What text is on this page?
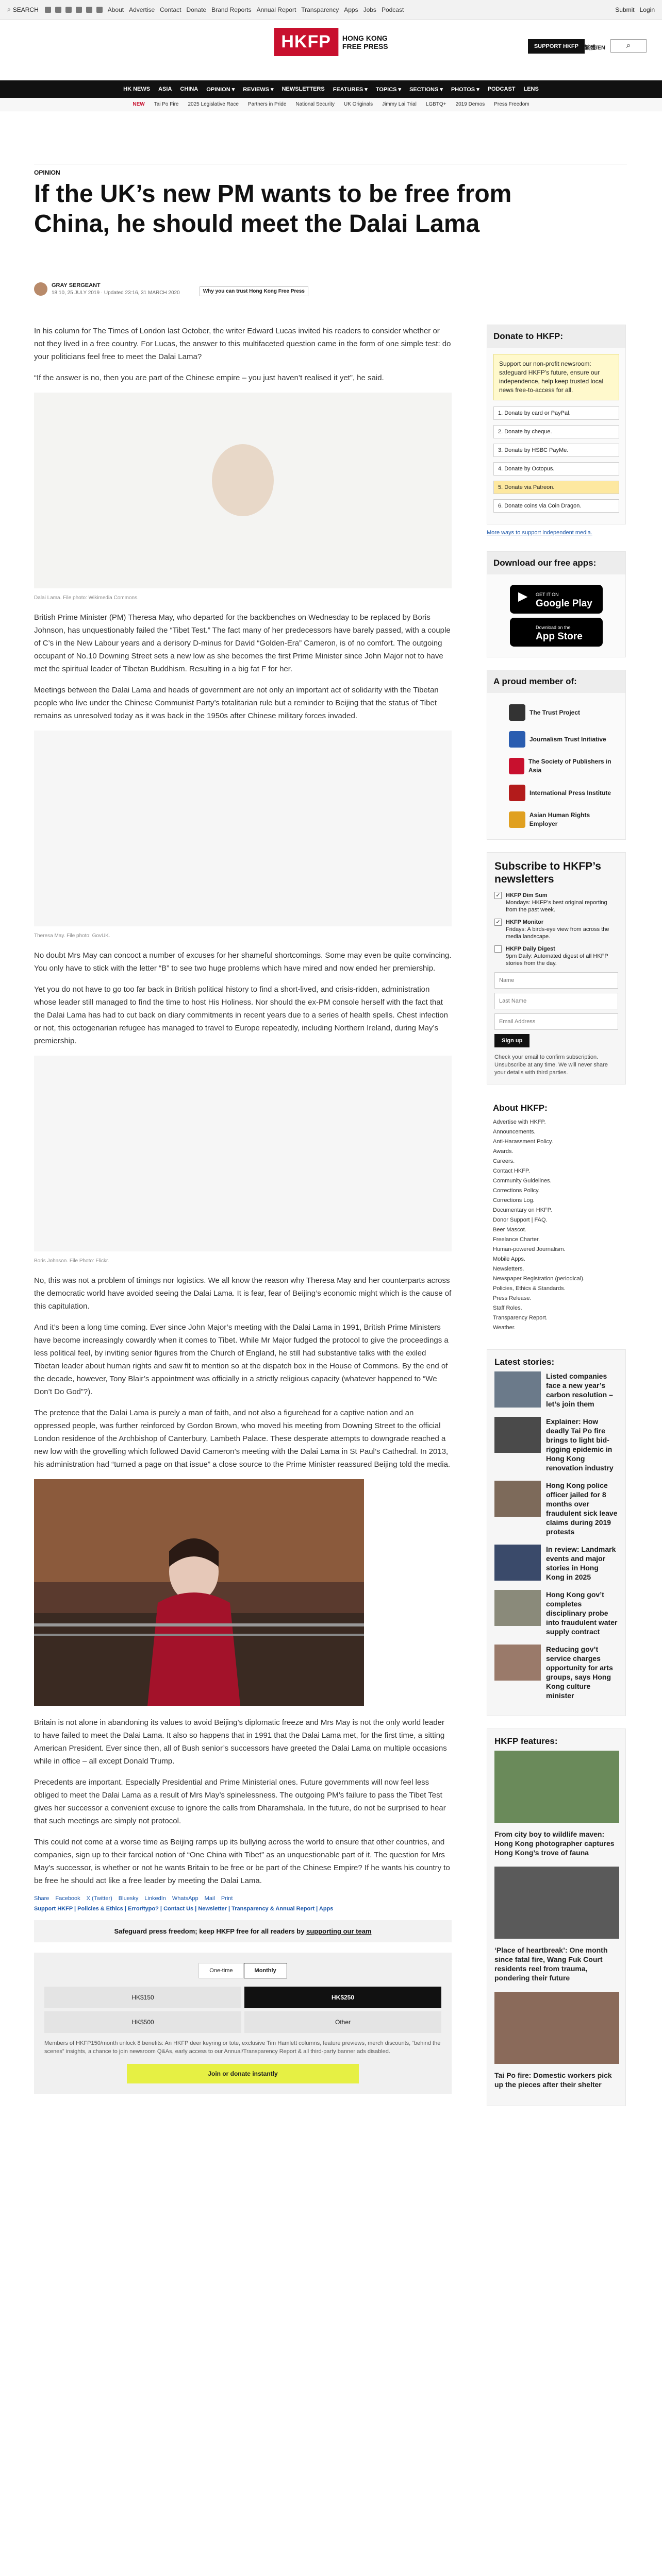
⌕ SEARCH	About Advertise Contact Donate Brand Reports Annual Report Transparency Apps Jobs Podcast	Submit Login
HKFP	HONG KONG
FREE PRESS	SUPPORT HKFP	繁體/EN	⌕
HK NEWS ASIA CHINA OPINION ▾ REVIEWS ▾ NEWSLETTERS FEATURES ▾ TOPICS ▾ SECTIONS ▾ PHOTOS ▾ PODCAST LENS
NEW Tai Po Fire 2025 Legislative Race Partners in Pride National Security UK Originals Jimmy Lai Trial LGBTQ+ 2019 Demos Press Freedom
OPINION
If the UK’s new PM wants to be free from China, he should meet the Dalai Lama
GRAY SERGEANT
18:10, 25 JULY 2019 · Updated 23:16, 31 MARCH 2020	Why you can trust Hong Kong Free Press

In his column for The Times of London last October, the writer Edward Lucas invited his readers to consider whether or not they lived in a free country. For Lucas, the answer to this multifaceted question came in the form of one simple test: do your politicians feel free to meet the Dalai Lama?

“If the answer is no, then you are part of the Chinese empire – you just haven’t realised it yet”, he said.

Dalai Lama. File photo: Wikimedia Commons.

British Prime Minister (PM) Theresa May, who departed for the backbenches on Wednesday to be replaced by Boris Johnson, has unquestionably failed the “Tibet Test.” The fact many of her predecessors have barely passed, with a couple of C’s in the New Labour years and a derisory D-minus for David “Golden-Era” Cameron, is of no comfort. The outgoing occupant of No.10 Downing Street sets a new low as she becomes the first Prime Minister since John Major not to have met the spiritual leader of Tibetan Buddhism. Resulting in a big fat F for her.

Meetings between the Dalai Lama and heads of government are not only an important act of solidarity with the Tibetan people who live under the Chinese Communist Party’s totalitarian rule but a reminder to Beijing that the status of Tibet remains as unresolved today as it was back in the 1950s after Chinese military forces invaded.

Theresa May. File photo: GovUK.

No doubt Mrs May can concoct a number of excuses for her shameful shortcomings. Some may even be quite convincing. You only have to stick with the letter “B” to see two huge problems which have mired and now ended her premiership.

Yet you do not have to go too far back in British political history to find a short-lived, and crisis-ridden, administration whose leader still managed to find the time to host His Holiness. Nor should the ex-PM console herself with the fact that the Dalai Lama has had to cut back on diary commitments in recent years due to a series of health spells. Chest infection or not, this octogenarian refugee has managed to travel to Europe repeatedly, including Northern Ireland, during May’s premiership.

Boris Johnson. File Photo: Flickr.

No, this was not a problem of timings nor logistics. We all know the reason why Theresa May and her counterparts across the democratic world have avoided seeing the Dalai Lama. It is fear, fear of Beijing’s economic might which is the cause of this capitulation.

And it’s been a long time coming. Ever since John Major’s meeting with the Dalai Lama in 1991, British Prime Ministers have become increasingly cowardly when it comes to Tibet. While Mr Major fudged the protocol to give the proceedings a less political feel, by inviting senior figures from the Church of England, he still had substantive talks with the exiled Tibetan leader about human rights and saw fit to mention so at the dispatch box in the House of Commons. By the end of the decade, however, Tony Blair’s appointment was officially in a strictly religious capacity (whatever happened to “We Don’t Do God”?).

The pretence that the Dalai Lama is purely a man of faith, and not also a figurehead for a captive nation and an oppressed people, was further reinforced by Gordon Brown, who moved his meeting from Downing Street to the official London residence of the Archbishop of Canterbury, Lambeth Palace. These desperate attempts to downgrade reached a new low with the grovelling which followed David Cameron’s meeting with the Dalai Lama in St Paul’s Cathedral. In 2013, his administration had “turned a page on that issue” a close source to the Prime Minister reassured Beijing told the media.

Britain is not alone in abandoning its values to avoid Beijing’s diplomatic freeze and Mrs May is not the only world leader to have failed to meet the Dalai Lama. It also so happens that in 1991 that the Dalai Lama met, for the first time, a sitting American President. Ever since then, all of Bush senior’s successors have greeted the Dalai Lama on multiple occasions while in office – all except Donald Trump.

Precedents are important. Especially Presidential and Prime Ministerial ones. Future governments will now feel less obliged to meet the Dalai Lama as a result of Mrs May’s spinelessness. The outgoing PM’s failure to pass the Tibet Test gives her successor a convenient excuse to ignore the calls from Dharamshala. In the future, do not be surprised to hear that such meetings are simply not protocol.

This could not come at a worse time as Beijing ramps up its bullying across the world to ensure that other countries, and companies, sign up to their farcical notion of “One China with Tibet” as an unquestionable part of it. The question for Mrs May’s successor, is whether or not he wants Britain to be free or be part of the Chinese Empire? If he wants his country to be free he should act like a free leader by meeting the Dalai Lama.

Share Facebook X (Twitter) Bluesky LinkedIn WhatsApp Mail Print
Support HKFP | Policies & Ethics | Error/typo? | Contact Us | Newsletter | Transparency & Annual Report | Apps
Safeguard press freedom; keep HKFP free for all readers by supporting our team
One-time	Monthly
HK$150	HK$250
HK$500	Other
Members of HKFP150/month unlock 8 benefits: An HKFP deer keyring or tote, exclusive Tim Hamlett columns, feature previews, merch discounts, “behind the scenes” insights, a chance to join newsroom Q&As, early access to our Annual/Transparency Report & all third-party banner ads disabled.
Join or donate instantly
Donate to HKFP:
Support our non-profit newsroom: safeguard HKFP’s future, ensure our independence, help keep trusted local news free-to-access for all.
1. Donate by card or PayPal.
2. Donate by cheque.
3. Donate by HSBC PayMe.
4. Donate by Octopus.
5. Donate via Patreon.
6. Donate coins via Coin Dragon.
More ways to support independent media.
Download our free apps:
▶ GET IT ON
Google Play
Download on the
App Store
A proud member of:
The Trust Project
Journalism Trust Initiative
The Society of Publishers in Asia
International Press Institute
Asian Human Rights Employer
Subscribe to HKFP’s newsletters
✓ HKFP Dim Sum
Mondays: HKFP’s best original reporting from the past week.
✓ HKFP Monitor
Fridays: A birds-eye view from across the media landscape.
HKFP Daily Digest
9pm Daily: Automated digest of all HKFP stories from the day.
Name Last Name Email Address Sign up
Check your email to confirm subscription. Unsubscribe at any time. We will never share your details with third parties.
About HKFP:
Advertise with HKFP.
Announcements.
Anti-Harassment Policy.
Awards.
Careers.
Contact HKFP.
Community Guidelines.
Corrections Policy.
Corrections Log.
Documentary on HKFP.
Donor Support | FAQ.
Beer Mascot.
Freelance Charter.
Human-powered Journalism.
Mobile Apps.
Newsletters.
Newspaper Registration (periodical).
Policies, Ethics & Standards.
Press Release.
Staff Roles.
Transparency Report.
Weather.
Latest stories:
Listed companies face a new year’s carbon resolution – let’s join them
Explainer: How deadly Tai Po fire brings to light bid-rigging epidemic in Hong Kong renovation industry
Hong Kong police officer jailed for 8 months over fraudulent sick leave claims during 2019 protests
In review: Landmark events and major stories in Hong Kong in 2025
Hong Kong gov’t completes disciplinary probe into fraudulent water supply contract
Reducing gov’t service charges opportunity for arts groups, says Hong Kong culture minister
HKFP features:
From city boy to wildlife maven: Hong Kong photographer captures Hong Kong’s trove of fauna
‘Place of heartbreak’: One month since fatal fire, Wang Fuk Court residents reel from trauma, pondering their future
Tai Po fire: Domestic workers pick up the pieces after their shelter
